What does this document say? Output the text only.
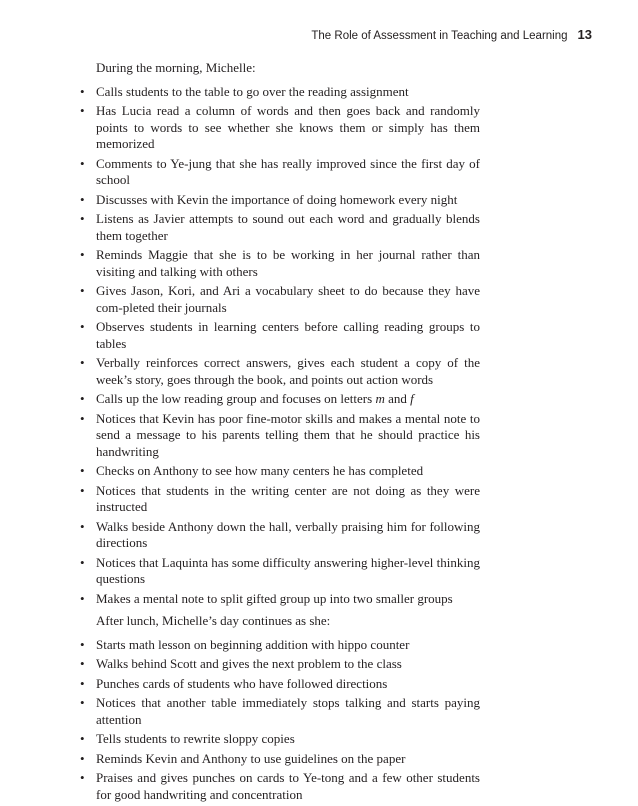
The Role of Assessment in Teaching and Learning 13

During the morning, Michelle:

• Calls students to the table to go over the reading assignment
• Has Lucia read a column of words and then goes back and randomly points to words to see whether she knows them or simply has them memorized
• Comments to Ye-jung that she has really improved since the first day of school
• Discusses with Kevin the importance of doing homework every night
• Listens as Javier attempts to sound out each word and gradually blends them together
• Reminds Maggie that she is to be working in her journal rather than visiting and talking with others
• Gives Jason, Kori, and Ari a vocabulary sheet to do because they have com-pleted their journals
• Observes students in learning centers before calling reading groups to tables
• Verbally reinforces correct answers, gives each student a copy of the week’s story, goes through the book, and points out action words
• Calls up the low reading group and focuses on letters m and f
• Notices that Kevin has poor fine-motor skills and makes a mental note to send a message to his parents telling them that he should practice his handwriting
• Checks on Anthony to see how many centers he has completed
• Notices that students in the writing center are not doing as they were instructed
• Walks beside Anthony down the hall, verbally praising him for following directions
• Notices that Laquinta has some difficulty answering higher-level thinking questions
• Makes a mental note to split gifted group up into two smaller groups

After lunch, Michelle’s day continues as she:

• Starts math lesson on beginning addition with hippo counter
• Walks behind Scott and gives the next problem to the class
• Punches cards of students who have followed directions
• Notices that another table immediately stops talking and starts paying attention
• Tells students to rewrite sloppy copies
• Reminds Kevin and Anthony to use guidelines on the paper
• Praises and gives punches on cards to Ye-tong and a few other students for good handwriting and concentration
